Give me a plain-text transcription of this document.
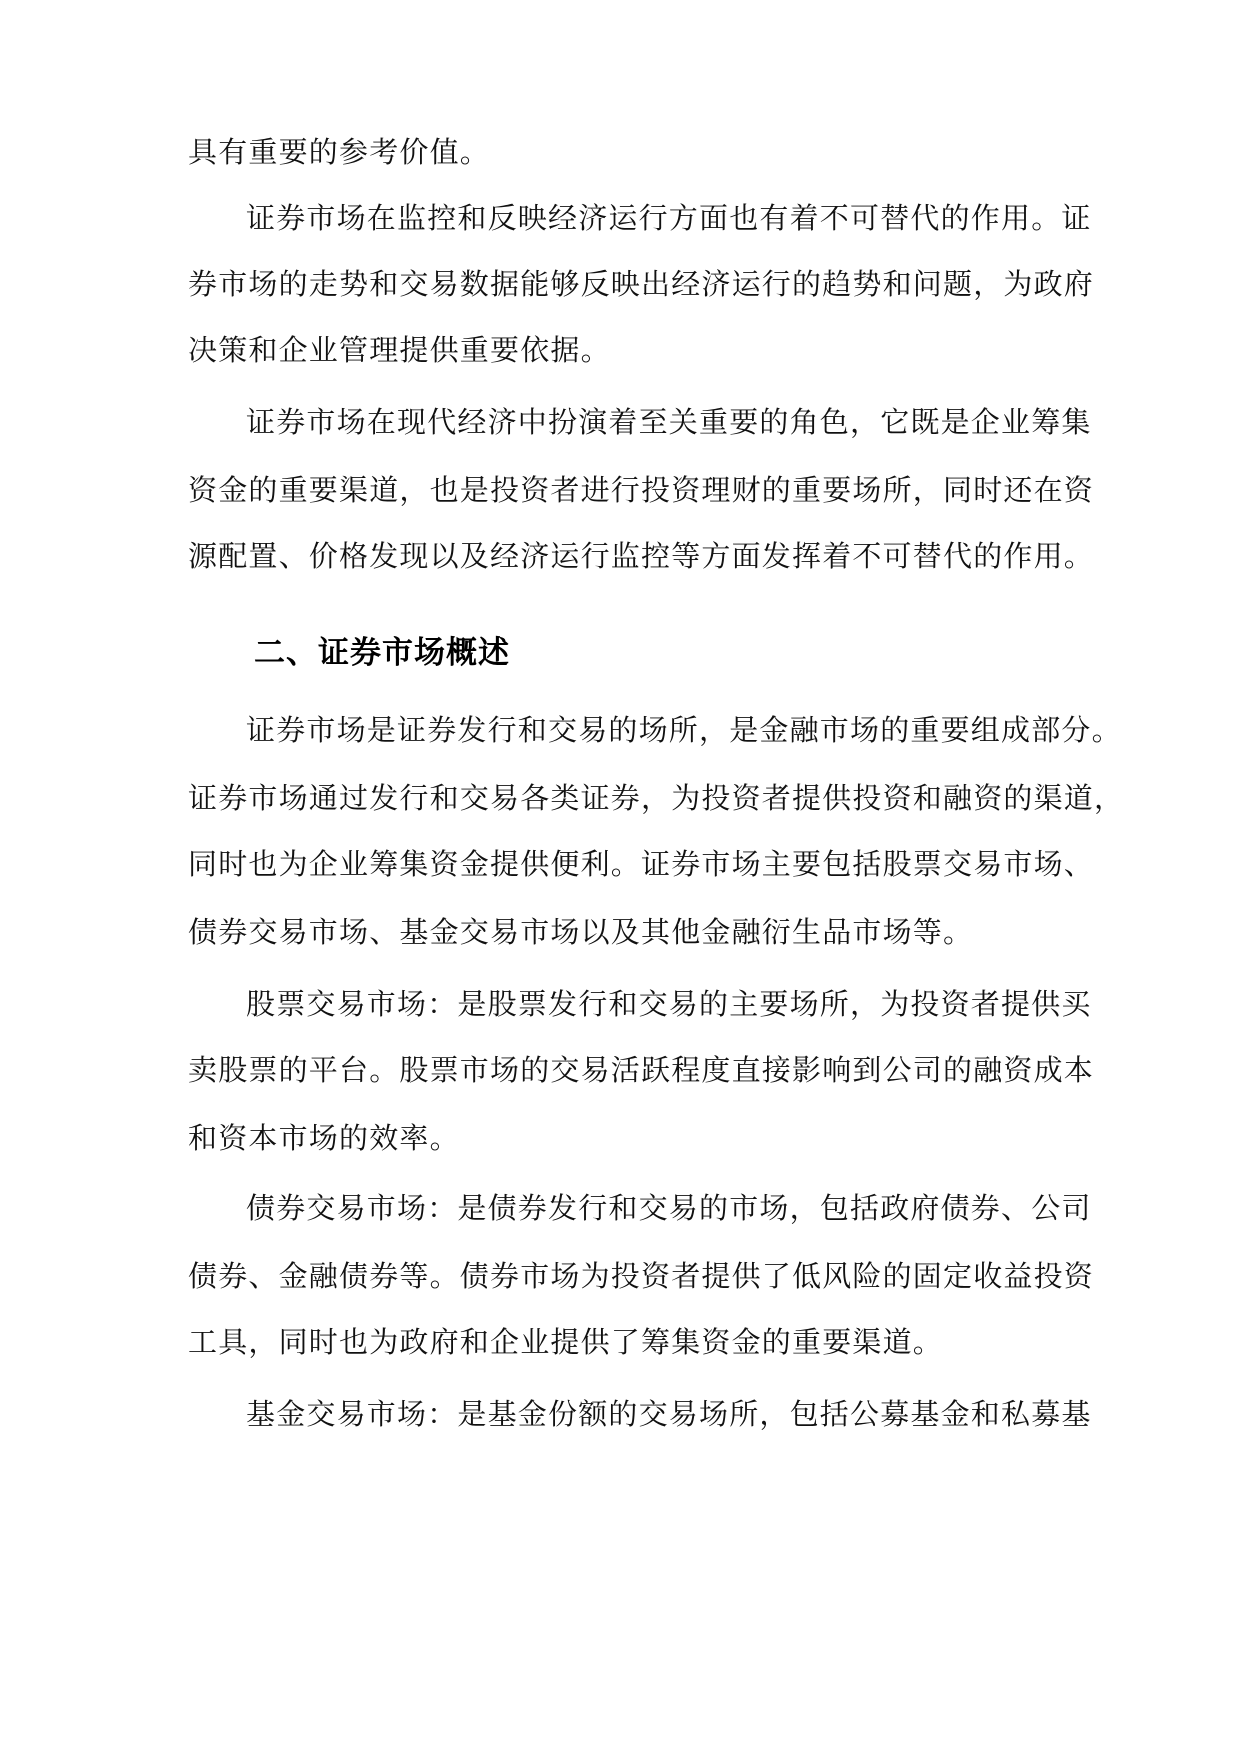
具有重要的参考价值。
证券市场在监控和反映经济运行方面也有着不可替代的作用。证
券市场的走势和交易数据能够反映出经济运行的趋势和问题，为政府
决策和企业管理提供重要依据。
证券市场在现代经济中扮演着至关重要的角色，它既是企业筹集
资金的重要渠道，也是投资者进行投资理财的重要场所，同时还在资
源配置、价格发现以及经济运行监控等方面发挥着不可替代的作用。
二、证券市场概述
证券市场是证券发行和交易的场所，是金融市场的重要组成部分。
证券市场通过发行和交易各类证券，为投资者提供投资和融资的渠道，
同时也为企业筹集资金提供便利。证券市场主要包括股票交易市场、
债券交易市场、基金交易市场以及其他金融衍生品市场等。
股票交易市场：是股票发行和交易的主要场所，为投资者提供买
卖股票的平台。股票市场的交易活跃程度直接影响到公司的融资成本
和资本市场的效率。
债券交易市场：是债券发行和交易的市场，包括政府债券、公司
债券、金融债券等。债券市场为投资者提供了低风险的固定收益投资
工具，同时也为政府和企业提供了筹集资金的重要渠道。
基金交易市场：是基金份额的交易场所，包括公募基金和私募基
